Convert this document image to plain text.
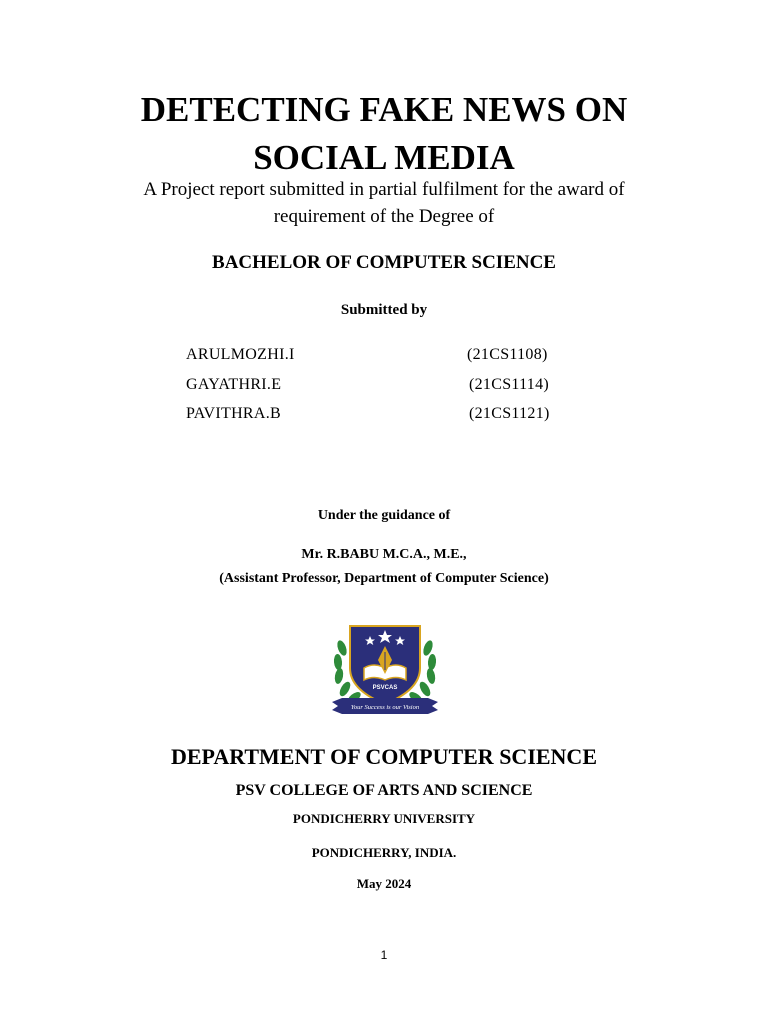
DETECTING FAKE NEWS ON
SOCIAL MEDIA
A Project report submitted in partial fulfilment for the award of
requirement of the Degree of
BACHELOR OF COMPUTER SCIENCE
Submitted by
ARULMOZHI.I	(21CS1108)
GAYATHRI.E	(21CS1114)
PAVITHRA.B	(21CS1121)
Under the guidance of
Mr. R.BABU M.C.A., M.E.,
(Assistant Professor, Department of Computer Science)
PSVCAS
Your Success is our Vision
DEPARTMENT OF COMPUTER SCIENCE
PSV COLLEGE OF ARTS AND SCIENCE
PONDICHERRY UNIVERSITY
PONDICHERRY, INDIA.
May 2024
1
